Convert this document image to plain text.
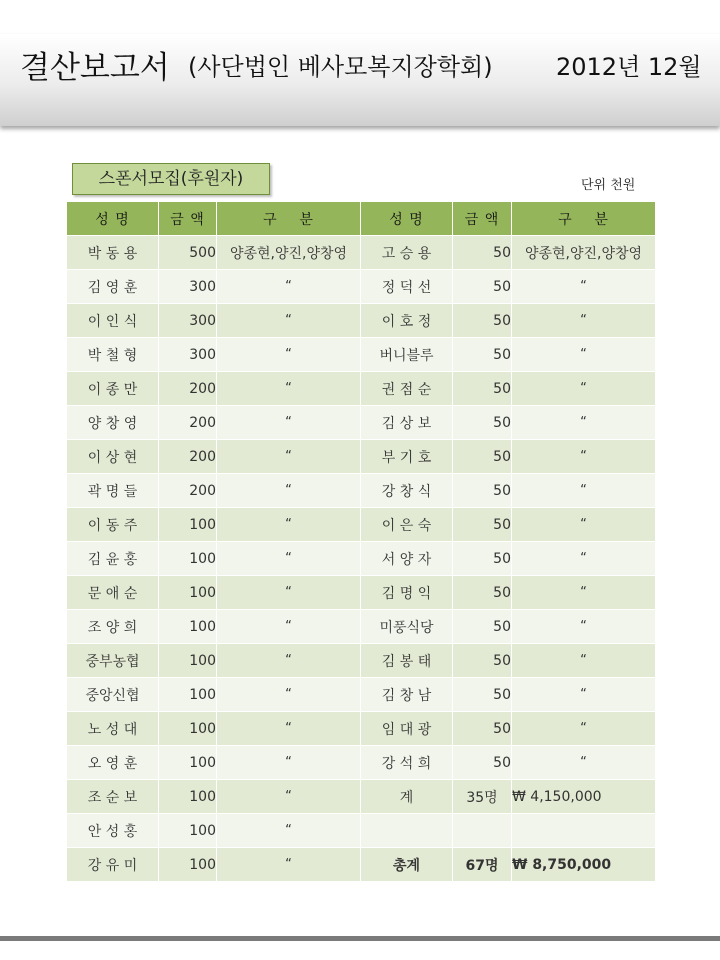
결산보고서 (사단법인 베사모복지장학회)	2012년 12월
스폰서모집(후원자)	단위 천원
성 명	금 액	구    분	성 명	금 액	구    분
박 동 용	500	양종현,양진,양창영	고 승 용	50	양종현,양진,양창영
김 영 훈	300	“	정 덕 선	50	“
이 인 식	300	“	이 호 정	50	“
박 철 형	300	“	버니블루	50	“
이 종 만	200	“	권 점 순	50	“
양 창 영	200	“	김 상 보	50	“
이 상 현	200	“	부 기 호	50	“
곽 명 들	200	“	강 창 식	50	“
이 동 주	100	“	이 은 숙	50	“
김 윤 홍	100	“	서 양 자	50	“
문 애 순	100	“	김 명 익	50	“
조 양 희	100	“	미풍식당	50	“
중부농협	100	“	김 봉 태	50	“
중앙신협	100	“	김 창 남	50	“
노 성 대	100	“	임 대 광	50	“
오 영 훈	100	“	강 석 희	50	“
조 순 보	100	“	계	35명	₩ 4,150,000
안 성 홍	100	“			
강 유 미	100	“	총계	67명	₩ 8,750,000
